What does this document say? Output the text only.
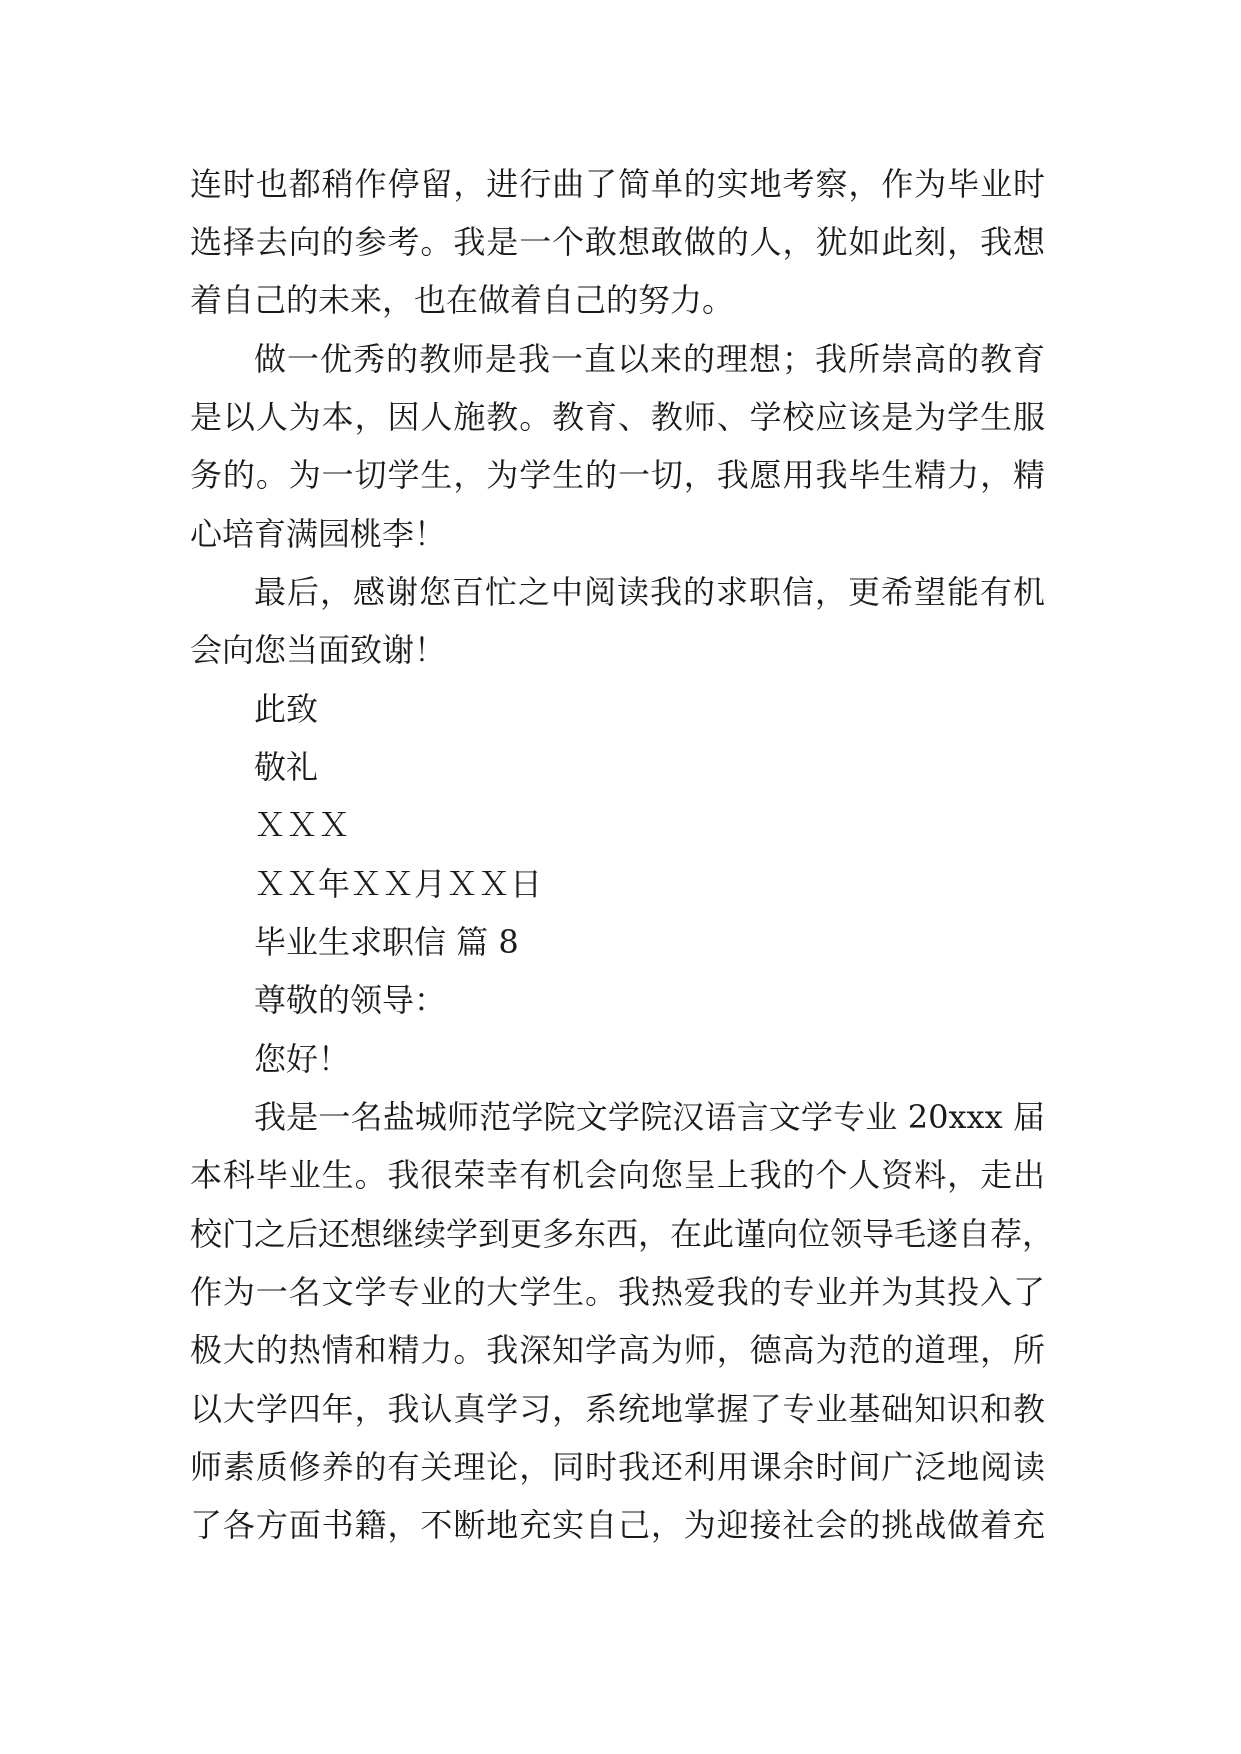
连时也都稍作停留，进行曲了简单的实地考察，作为毕业时
选择去向的参考。我是一个敢想敢做的人，犹如此刻，我想
着自己的未来，也在做着自己的努力。
做一优秀的教师是我一直以来的理想；我所崇高的教育
是以人为本，因人施教。教育、教师、学校应该是为学生服
务的。为一切学生，为学生的一切，我愿用我毕生精力，精
心培育满园桃李！
最后，感谢您百忙之中阅读我的求职信，更希望能有机
会向您当面致谢！
此致
敬礼
ＸＸＸ
ＸＸ年ＸＸ月ＸＸ日
毕业生求职信 篇 8
尊敬的领导：
您好！
我是一名盐城师范学院文学院汉语言文学专业 20xxx 届
本科毕业生。我很荣幸有机会向您呈上我的个人资料，走出
校门之后还想继续学到更多东西，在此谨向位领导毛遂自荐，
作为一名文学专业的大学生。我热爱我的专业并为其投入了
极大的热情和精力。我深知学高为师，德高为范的道理，所
以大学四年，我认真学习，系统地掌握了专业基础知识和教
师素质修养的有关理论，同时我还利用课余时间广泛地阅读
了各方面书籍，不断地充实自己，为迎接社会的挑战做着充
